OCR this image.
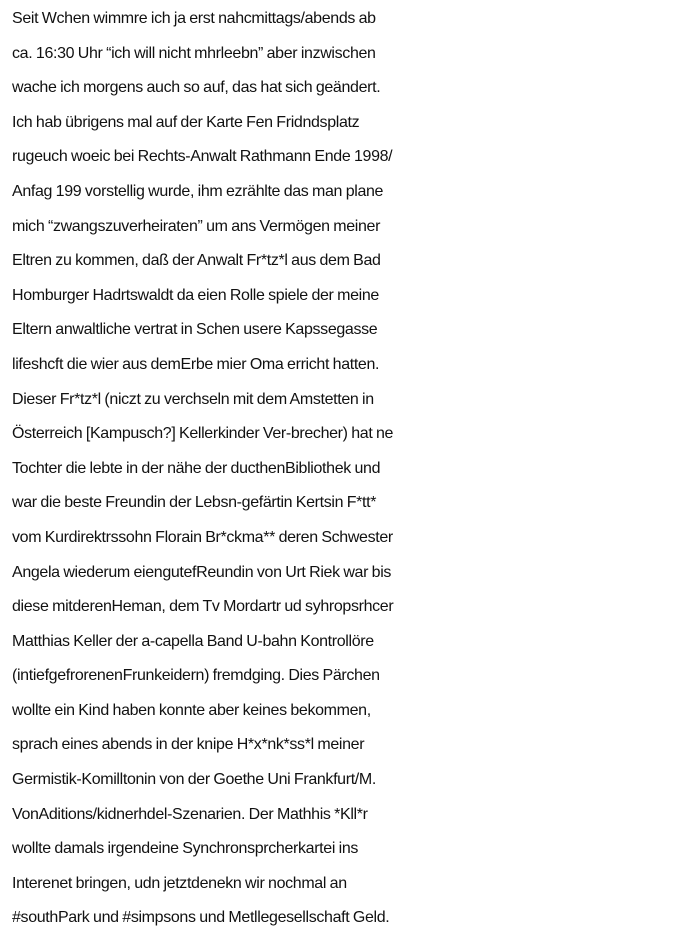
Seit Wchen wimmre ich ja erst nahcmittags/abends ab
ca. 16:30 Uhr “ich will nicht mhrleebn” aber inzwischen
wache ich morgens auch so auf, das hat sich geändert.
Ich hab übrigens mal auf der Karte Fen Fridndsplatz
rugeuch woeic bei Rechts-Anwalt Rathmann Ende 1998/
Anfag 199 vorstellig wurde, ihm ezrählte das man plane
mich “zwangszuverheiraten” um ans Vermögen meiner
Eltren zu kommen, daß der Anwalt Fr*tz*l aus dem Bad
Homburger Hadrtswaldt da eien Rolle spiele der meine
Eltern anwaltliche vertrat in Schen usere Kapssegasse
lifeshcft die wier aus demErbe mier Oma erricht hatten.
Dieser Fr*tz*l (niczt zu verchseln mit dem Amstetten in
Österreich [Kampusch?] Kellerkinder Ver-brecher) hat ne
Tochter die lebte in der nähe der ducthenBibliothek und
war die beste Freundin der Lebsn-gefärtin Kertsin F*tt*
vom Kurdirektrssohn Florain Br*ckma** deren Schwester
Angela wiederum eiengutefReundin von Urt Riek war bis
diese mitderenHeman, dem Tv Mordartr ud syhropsrhcer
Matthias Keller der a-capella Band U-bahn Kontrollöre
(intiefgefrorenenFrunkeidern) fremdging. Dies Pärchen
wollte ein Kind haben konnte aber keines bekommen,
sprach eines abends in der knipe H*x*nk*ss*l meiner
Germistik-Komilltonin von der Goethe Uni Frankfurt/M.
VonAditions/kidnerhdel-Szenarien. Der Mathhis *Kll*r
wollte damals irgendeine Synchronsprcherkartei ins
Interenet bringen, udn jetztdenekn wir nochmal an
#southPark und #simpsons und Metllegesellschaft Geld.
